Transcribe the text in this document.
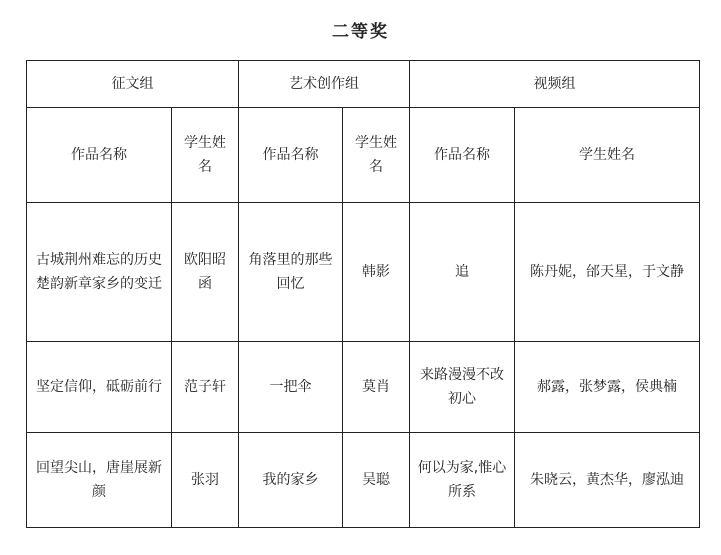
二等奖
征文组		艺术创作组		视频组	
作品名称	学生姓名	作品名称	学生姓名	作品名称	学生姓名
古城荆州难忘的历史 楚韵新章家乡的变迁	欧阳昭函	角落里的那些回忆	韩影	追	陈丹妮，邰天星，于文静
坚定信仰，砥砺前行	范子轩	一把伞	莫肖	来路漫漫不改初心	郝露，张梦露，侯典楠
回望尖山，唐崖展新颜	张羽	我的家乡	吴聪	何以为家,惟心所系	朱晓云，黄杰华，廖泓迪
